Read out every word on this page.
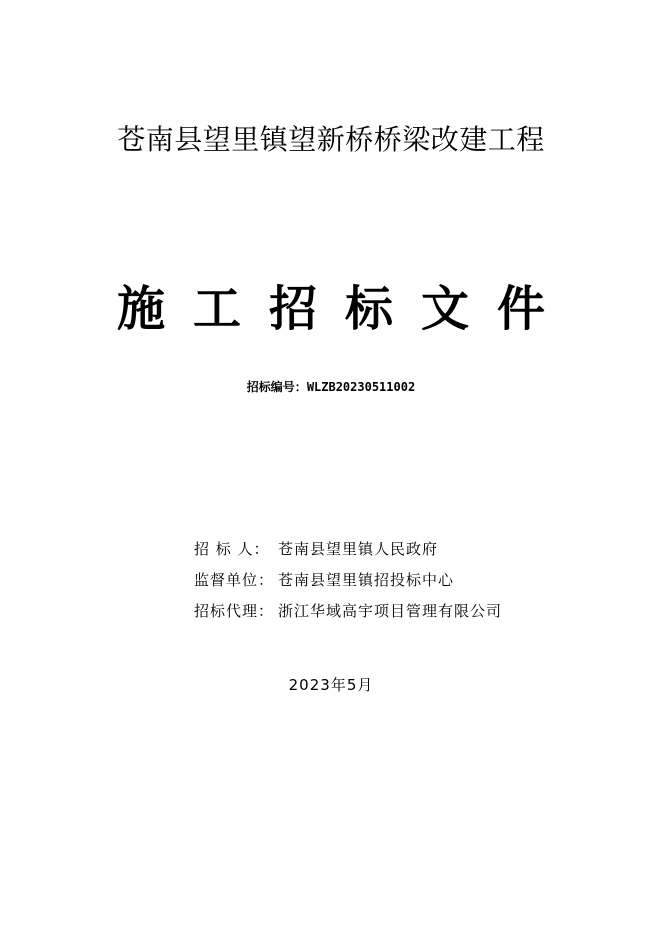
苍南县望里镇望新桥桥梁改建工程
施工招标文件
招标编号：WLZB20230511002
招 标 人： 苍南县望里镇人民政府
监督单位： 苍南县望里镇招投标中心
招标代理： 浙江华域高宇项目管理有限公司
2023年5月
